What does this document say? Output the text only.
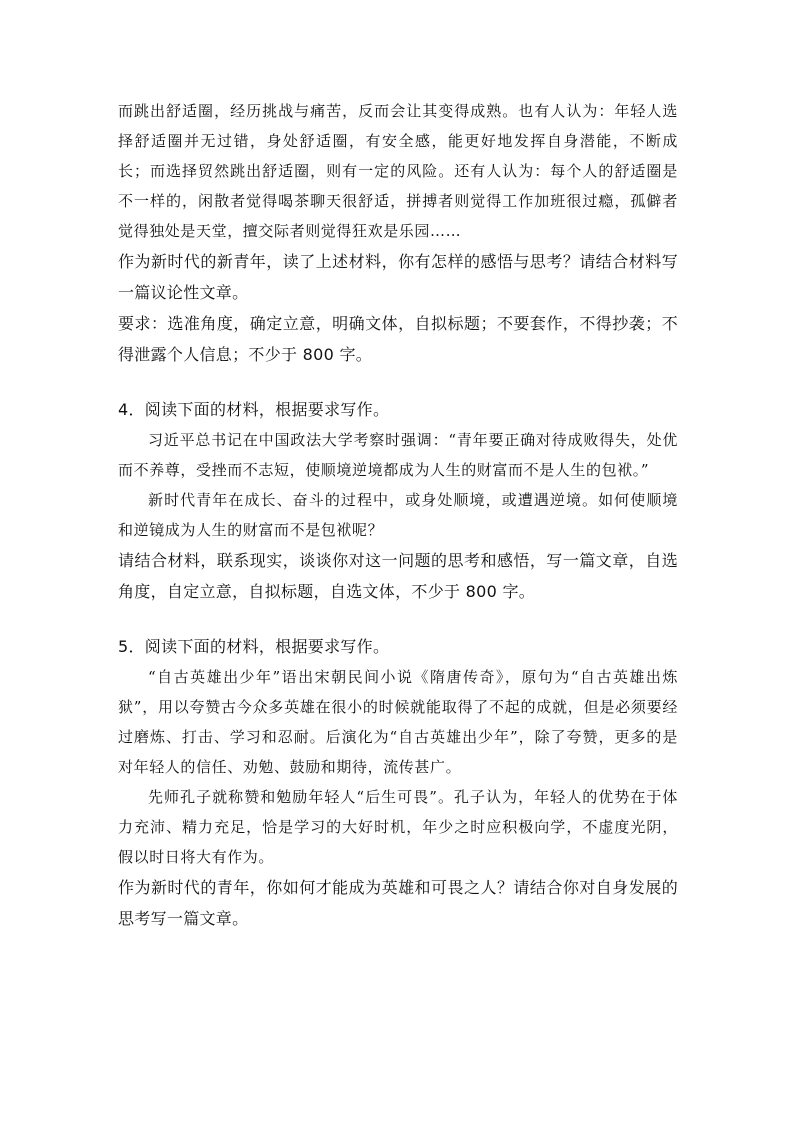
而跳出舒适圈，经历挑战与痛苦，反而会让其变得成熟。也有人认为：年轻人选择舒适圈并无过错，身处舒适圈，有安全感，能更好地发挥自身潜能，不断成长；而选择贸然跳出舒适圈，则有一定的风险。还有人认为：每个人的舒适圈是不一样的，闲散者觉得喝茶聊天很舒适，拼搏者则觉得工作加班很过瘾，孤僻者觉得独处是天堂，擅交际者则觉得狂欢是乐园……

作为新时代的新青年，读了上述材料，你有怎样的感悟与思考？请结合材料写一篇议论性文章。

要求：选准角度，确定立意，明确文体，自拟标题；不要套作，不得抄袭；不得泄露个人信息；不少于 800 字。

4．阅读下面的材料，根据要求写作。

习近平总书记在中国政法大学考察时强调：“青年要正确对待成败得失，处优而不养尊，受挫而不志短，使顺境逆境都成为人生的财富而不是人生的包袱。”

新时代青年在成长、奋斗的过程中，或身处顺境，或遭遇逆境。如何使顺境和逆镜成为人生的财富而不是包袱呢？

请结合材料，联系现实，谈谈你对这一问题的思考和感悟，写一篇文章，自选角度，自定立意，自拟标题，自选文体，不少于 800 字。

5．阅读下面的材料，根据要求写作。

“自古英雄出少年”语出宋朝民间小说《隋唐传奇》，原句为“自古英雄出炼狱”，用以夸赞古今众多英雄在很小的时候就能取得了不起的成就，但是必须要经过磨炼、打击、学习和忍耐。后演化为“自古英雄出少年”，除了夸赞，更多的是对年轻人的信任、劝勉、鼓励和期待，流传甚广。

先师孔子就称赞和勉励年轻人“后生可畏”。孔子认为，年轻人的优势在于体力充沛、精力充足，恰是学习的大好时机，年少之时应积极向学，不虚度光阴，假以时日将大有作为。

作为新时代的青年，你如何才能成为英雄和可畏之人？请结合你对自身发展的思考写一篇文章。
